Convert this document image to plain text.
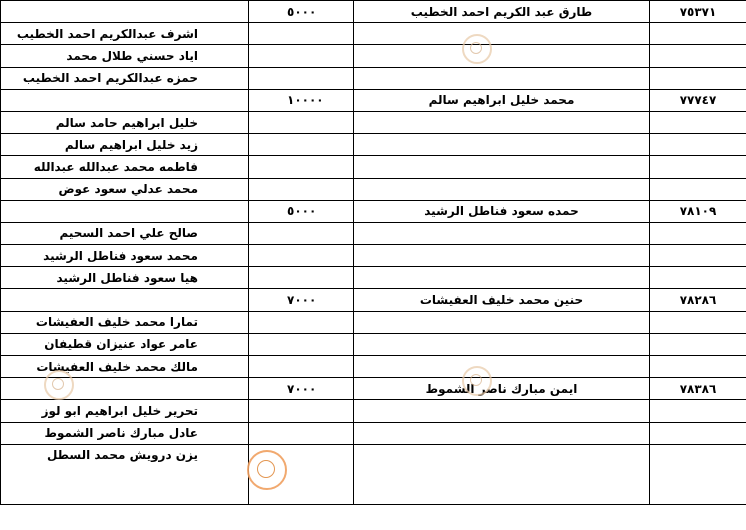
	٥٠٠٠	طارق عبد الكريم احمد الخطيب	٧٥٣٧١
اشرف عبدالكريم احمد الخطيب			
اياد حسني طلال محمد			
حمزه عبدالكريم احمد الخطيب			
	١٠٠٠٠	محمد خليل ابراهيم سالم	٧٧٧٤٧
خليل ابراهيم حامد سالم			
زيد خليل ابراهيم سالم			
فاطمه محمد عبدالله عبدالله			
محمد عدلي سعود عوض			
	٥٠٠٠	حمده سعود فناطل الرشيد	٧٨١٠٩
صالح علي احمد السحيم			
محمد سعود فناطل الرشيد			
هيا سعود فناطل الرشيد			
	٧٠٠٠	حنين محمد خليف العفيشات	٧٨٢٨٦
تمارا محمد خليف العفيشات			
عامر عواد عنيزان قطيفان			
مالك محمد خليف العفيشات			
	٧٠٠٠	ايمن مبارك ناصر الشموط	٧٨٣٨٦
تحرير خليل ابراهيم ابو لوز			
عادل مبارك ناصر الشموط			
يزن درويش محمد السطل			
